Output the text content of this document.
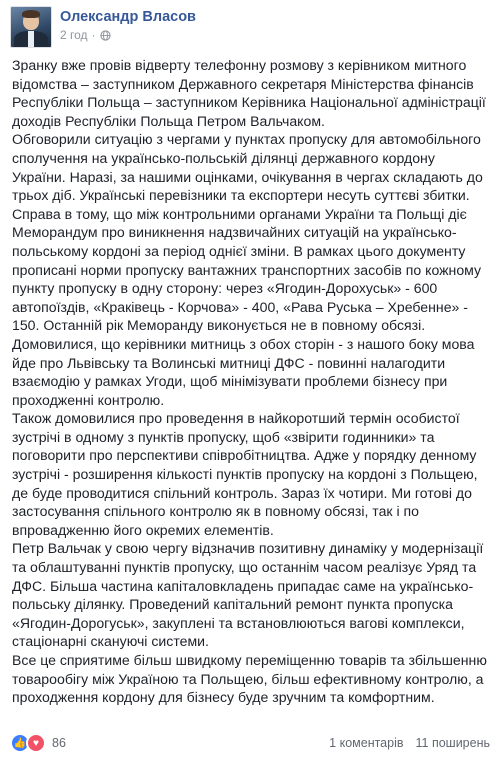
Олександр Власов
2 год ·

Зранку вже провів відверту телефонну розмову з керівником митного відомства – заступником Державного секретаря Міністерства фінансів Республіки Польща – заступником Керівника Національної адміністрації доходів Республіки Польща Петром Вальчаком.

Обговорили ситуацію з чергами у пунктах пропуску для автомобільного сполучення на українсько-польській ділянці державного кордону України. Наразі, за нашими оцінками, очікування в чергах складають до трьох діб. Українські перевізники та експортери несуть суттєві збитки.

Справа в тому, що між контрольними органами України та Польщі діє Меморандум про виникнення надзвичайних ситуацій на українсько-польському кордоні за період однієї зміни. В рамках цього документу прописані норми пропуску вантажних транспортних засобів по кожному пункту пропуску в одну сторону: через «Ягодин-Дорохуськ» - 600 автопоїздів, «Краківець - Корчова» - 400, «Рава Руська – Хребенне» - 150. Останній рік Меморанду виконується не в повному обсязі.

Домовилися, що керівники митниць з обох сторін - з нашого боку мова йде про Львівську та Волинські митниці ДФС - повинні налагодити взаємодію у рамках Угоди, щоб мінімізувати проблеми бізнесу при проходженні контролю.

Також домовилися про проведення в найкоротший термін особистої зустрічі в одному з пунктів пропуску, щоб «звірити годинники» та поговорити про перспективи співробітництва. Адже у порядку денному зустрічі - розширення кількості пунктів пропуску на кордоні з Польщею, де буде проводитися спільний контроль. Зараз їх чотири. Ми готові до застосування спільного контролю як в повному обсязі, так і по впровадженню його окремих елементів.

Петр Вальчак у свою чергу відзначив позитивну динаміку у модернізації та облаштуванні пунктів пропуску, що останнім часом реалізує Уряд та ДФС. Більша частина капіталовкладень припадає саме на українсько-польську ділянку. Проведений капітальний ремонт пункта пропуска «Ягодин-Дорогуськ», закуплені та встановлюються вагові комплекси, стаціонарні скануючі системи.

Все це сприятиме більш швидкому переміщенню товарів та збільшенню товарообігу між Україною та Польщею, більш ефективному контролю, а проходження кордону для бізнесу буде зручним та комфортним.

👍 ♥	86	1 коментарів 11 поширень
